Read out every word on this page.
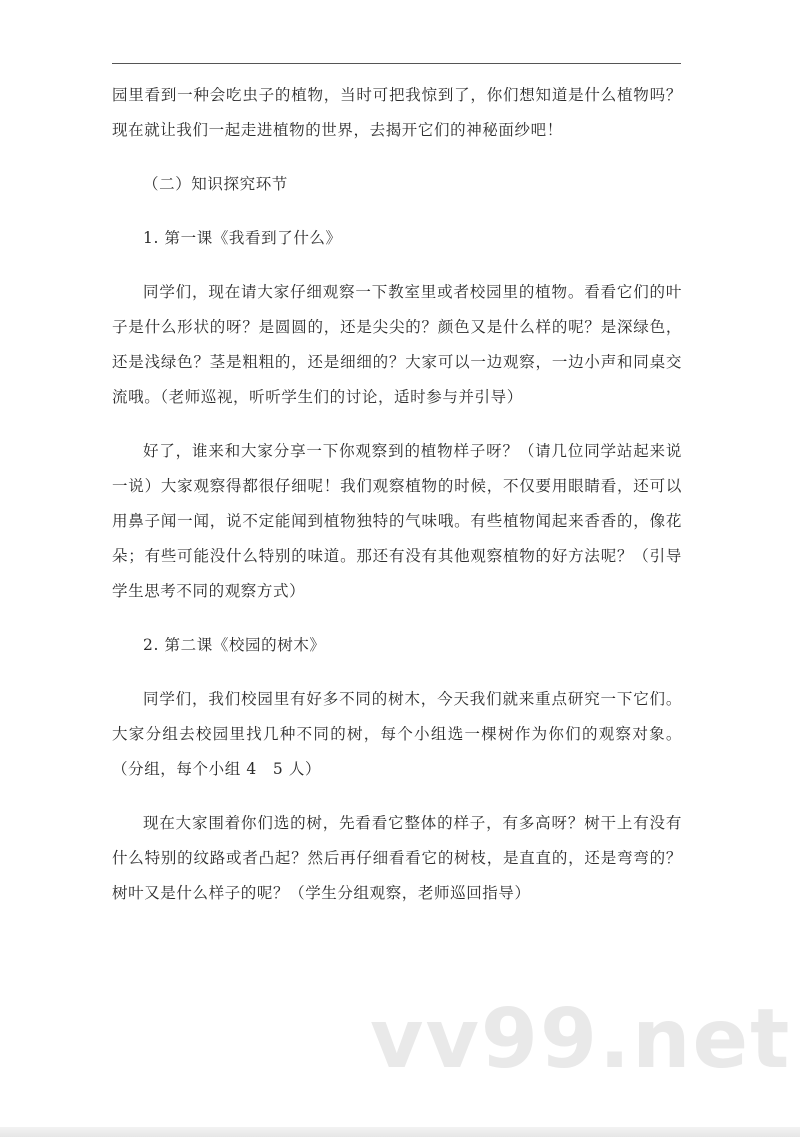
园里看到一种会吃虫子的植物，当时可把我惊到了，你们想知道是什么植物吗？现在就让我们一起走进植物的世界，去揭开它们的神秘面纱吧！

（二）知识探究环节

1. 第一课《我看到了什么》

同学们，现在请大家仔细观察一下教室里或者校园里的植物。看看它们的叶子是什么形状的呀？是圆圆的，还是尖尖的？颜色又是什么样的呢？是深绿色，还是浅绿色？茎是粗粗的，还是细细的？大家可以一边观察，一边小声和同桌交流哦。（老师巡视，听听学生们的讨论，适时参与并引导）

好了，谁来和大家分享一下你观察到的植物样子呀？（请几位同学站起来说一说）大家观察得都很仔细呢！我们观察植物的时候，不仅要用眼睛看，还可以用鼻子闻一闻，说不定能闻到植物独特的气味哦。有些植物闻起来香香的，像花朵；有些可能没什么特别的味道。那还有没有其他观察植物的好方法呢？（引导学生思考不同的观察方式）

2. 第二课《校园的树木》

同学们，我们校园里有好多不同的树木，今天我们就来重点研究一下它们。大家分组去校园里找几种不同的树，每个小组选一棵树作为你们的观察对象。（分组，每个小组 4　5 人）

现在大家围着你们选的树，先看看它整体的样子，有多高呀？树干上有没有什么特别的纹路或者凸起？然后再仔细看看它的树枝，是直直的，还是弯弯的？树叶又是什么样子的呢？（学生分组观察，老师巡回指导）

vv99.net
